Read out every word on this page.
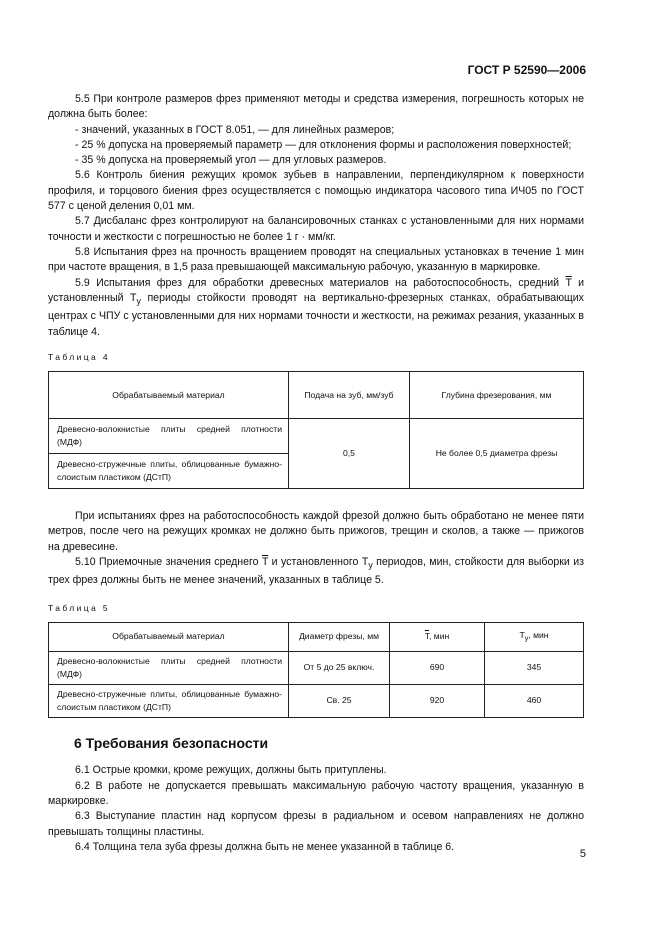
ГОСТ Р 52590—2006

5.5 При контроле размеров фрез применяют методы и средства измерения, погрешность которых не должна быть более:

- значений, указанных в ГОСТ 8.051, — для линейных размеров;

- 25 % допуска на проверяемый параметр — для отклонения формы и расположения поверхностей;

- 35 % допуска на проверяемый угол — для угловых размеров.

5.6 Контроль биения режущих кромок зубьев в направлении, перпендикулярном к поверхности профиля, и торцового биения фрез осуществляется с помощью индикатора часового типа ИЧ05 по ГОСТ 577 с ценой деления 0,01 мм.

5.7 Дисбаланс фрез контролируют на балансировочных станках с установленными для них нормами точности и жесткости с погрешностью не более 1 г · мм/кг.

5.8 Испытания фрез на прочность вращением проводят на специальных установках в течение 1 мин при частоте вращения, в 1,5 раза превышающей максимальную рабочую, указанную в маркировке.

5.9 Испытания фрез для обработки древесных материалов на работоспособность, средний $\overline{T}$ и установленный $T_у$ периоды стойкости проводят на вертикально-фрезерных станках, обрабатывающих центрах с ЧПУ с установленными для них нормами точности и жесткости, на режимах резания, указанных в таблице 4.

Таблица 4
Обрабатываемый материал	Подача на зуб, мм/зуб	Глубина фрезерования, мм
Древесно-волокнистые плиты средней плотности (МДФ)	0,5	Не более 0,5 диаметра фрезы
Древесно-стружечные плиты, облицованные бумажно-слоистым пластиком (ДСтП)		

При испытаниях фрез на работоспособность каждой фрезой должно быть обработано не менее пяти метров, после чего на режущих кромках не должно быть прижогов, трещин и сколов, а также — прижогов на древесине.

5.10 Приемочные значения среднего $\overline{T}$ и установленного $T_у$ периодов, мин, стойкости для выборки из трех фрез должны быть не менее значений, указанных в таблице 5.

Таблица 5
Обрабатываемый материал	Диаметр фрезы, мм	$\overline{T}$, мин	$T_у$, мин
Древесно-волокнистые плиты средней плотности (МДФ)	От 5 до 25 включ.	690	345
Древесно-стружечные плиты, облицованные бумажно-слоистым пластиком (ДСтП)	Св. 25	920	460
6 Требования безопасности

6.1 Острые кромки, кроме режущих, должны быть притуплены.

6.2 В работе не допускается превышать максимальную рабочую частоту вращения, указанную в маркировке.

6.3 Выступание пластин над корпусом фрезы в радиальном и осевом направлениях не должно превышать толщины пластины.

6.4 Толщина тела зуба фрезы должна быть не менее указанной в таблице 6.

5
